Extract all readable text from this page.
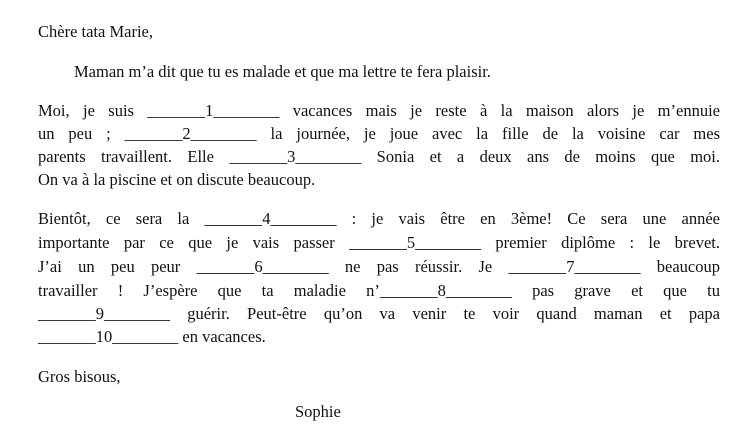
Chère tata Marie,
Maman m’a dit que tu es malade et que ma lettre te fera plaisir.
Moi, je suis _______1________ vacances mais je reste à la maison alors je m’ennuie
un peu ; _______2________ la journée, je joue avec la fille de la voisine car mes
parents travaillent. Elle _______3________ Sonia et a deux ans de moins que moi.
On va à la piscine et on discute beaucoup.
Bientôt, ce sera la _______4________ : je vais être en 3ème! Ce sera une année
importante par ce que je vais passer _______5________ premier diplôme : le brevet.
J’ai un peu peur _______6________ ne pas réussir. Je _______7________ beaucoup
travailler ! J’espère que ta maladie n’_______8________ pas grave et que tu
_______9________ guérir. Peut-être qu’on va venir te voir quand maman et papa
_______10________ en vacances.
Gros bisous,
Sophie
